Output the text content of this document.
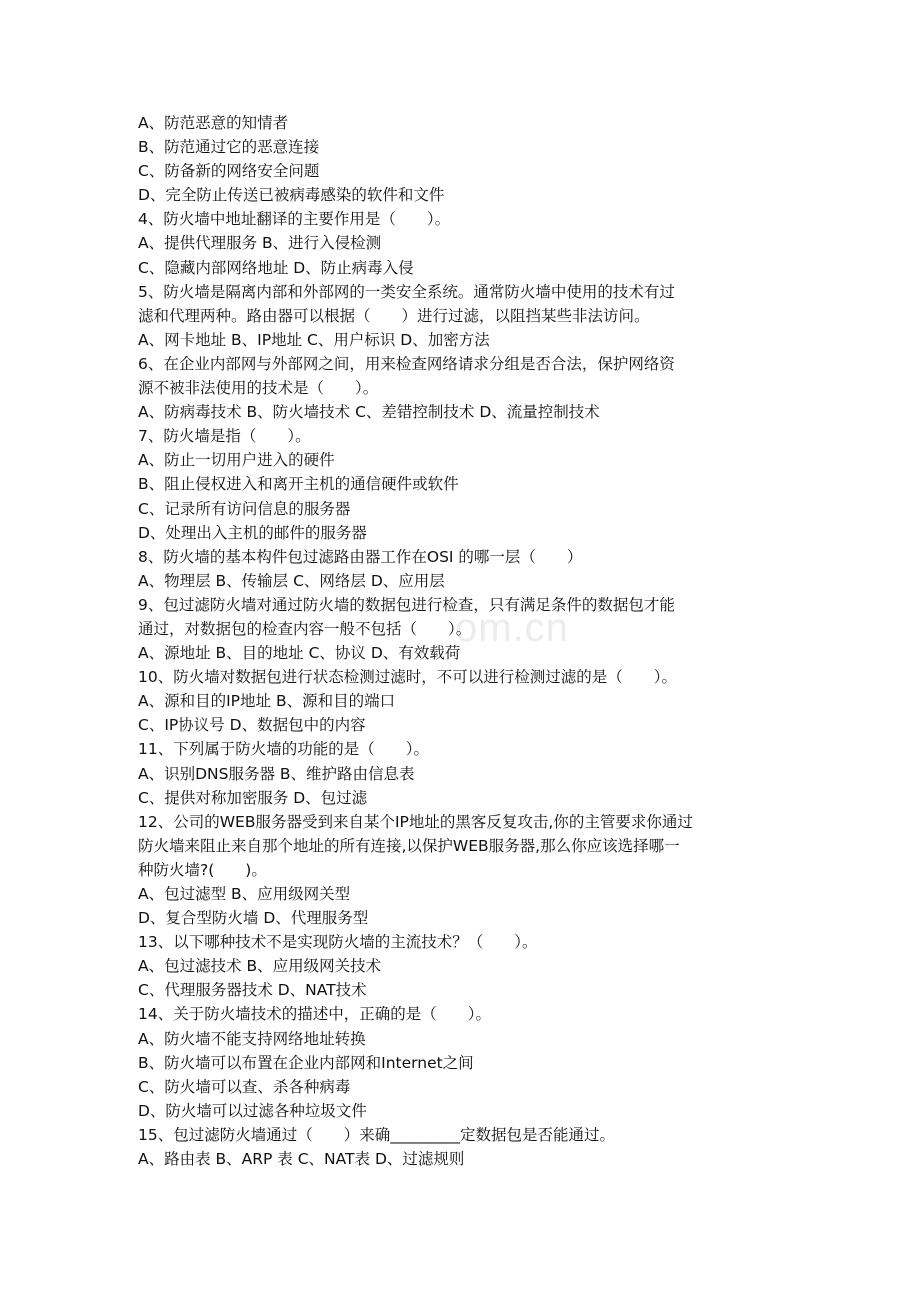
om.cn
A、防范恶意的知情者
B、防范通过它的恶意连接
C、防备新的网络安全问题
D、完全防止传送已被病毒感染的软件和文件
4、防火墙中地址翻译的主要作用是（　　）。
A、提供代理服务 B、进行入侵检测
C、隐藏内部网络地址 D、防止病毒入侵
5、防火墙是隔离内部和外部网的一类安全系统。通常防火墙中使用的技术有过
滤和代理两种。路由器可以根据（　　）进行过滤，以阻挡某些非法访问。
A、网卡地址 B、IP地址 C、用户标识 D、加密方法
6、在企业内部网与外部网之间，用来检查网络请求分组是否合法，保护网络资
源不被非法使用的技术是（　　）。
A、防病毒技术 B、防火墙技术 C、差错控制技术 D、流量控制技术
7、防火墙是指（　　）。
A、防止一切用户进入的硬件
B、阻止侵权进入和离开主机的通信硬件或软件
C、记录所有访问信息的服务器
D、处理出入主机的邮件的服务器
8、防火墙的基本构件包过滤路由器工作在OSI 的哪一层（　　）
A、物理层 B、传输层 C、网络层 D、应用层
9、包过滤防火墙对通过防火墙的数据包进行检查，只有满足条件的数据包才能
通过，对数据包的检查内容一般不包括（　　）。
A、源地址 B、目的地址 C、协议 D、有效载荷
10、防火墙对数据包进行状态检测过滤时，不可以进行检测过滤的是（　　）。
A、源和目的IP地址 B、源和目的端口
C、IP协议号 D、数据包中的内容
11、下列属于防火墙的功能的是（　　）。
A、识别DNS服务器 B、维护路由信息表
C、提供对称加密服务 D、包过滤
12、公司的WEB服务器受到来自某个IP地址的黑客反复攻击,你的主管要求你通过
防火墙来阻止来自那个地址的所有连接,以保护WEB服务器,那么你应该选择哪一
种防火墙?(　　)。
A、包过滤型 B、应用级网关型
D、复合型防火墙 D、代理服务型
13、以下哪种技术不是实现防火墙的主流技术？（　　）。
A、包过滤技术 B、应用级网关技术
C、代理服务器技术 D、NAT技术
14、关于防火墙技术的描述中，正确的是（　　）。
A、防火墙不能支持网络地址转换
B、防火墙可以布置在企业内部网和Internet之间
C、防火墙可以查、杀各种病毒
D、防火墙可以过滤各种垃圾文件
15、包过滤防火墙通过（　　）来确_________定数据包是否能通过。
A、路由表 B、ARP 表 C、NAT表 D、过滤规则
